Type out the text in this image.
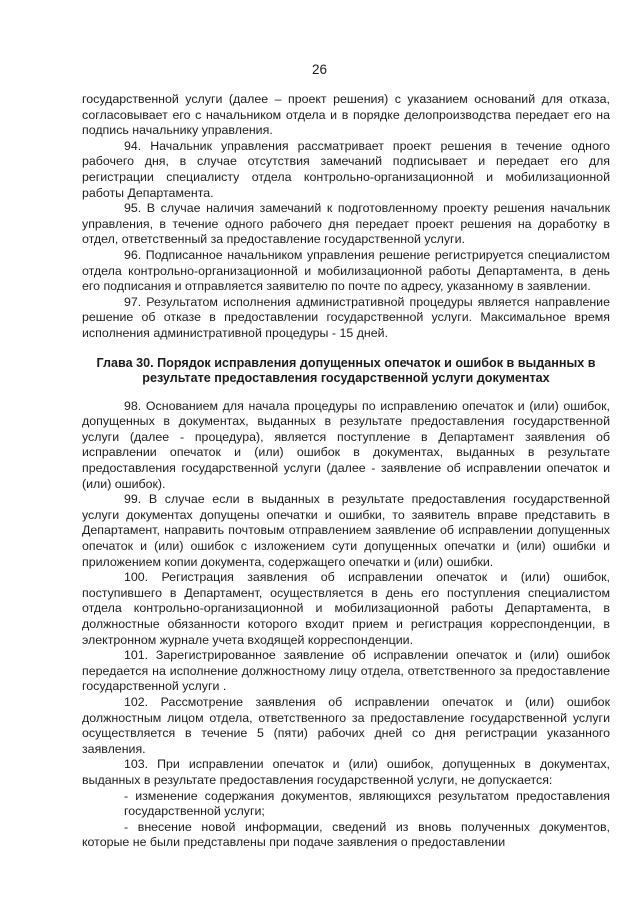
26

государственной услуги (далее – проект решения) с указанием оснований для отказа, согласовывает его с начальником отдела и в порядке делопроизводства передает его на подпись начальнику управления.

94. Начальник управления рассматривает проект решения в течение одного рабочего дня, в случае отсутствия замечаний подписывает и передает его для регистрации специалисту отдела контрольно-организационной и мобилизационной работы Департамента.

95. В случае наличия замечаний к подготовленному проекту решения начальник управления, в течение одного рабочего дня передает проект решения на доработку в отдел, ответственный за предоставление государственной услуги.

96. Подписанное начальником управления решение регистрируется специалистом отдела контрольно-организационной и мобилизационной работы Департамента, в день его подписания и отправляется заявителю по почте по адресу, указанному в заявлении.

97. Результатом исполнения административной процедуры является направление решение об отказе в предоставлении государственной услуги. Максимальное время исполнения административной процедуры - 15 дней.

Глава 30. Порядок исправления допущенных опечаток и ошибок в выданных в результате предоставления государственной услуги документах

98. Основанием для начала процедуры по исправлению опечаток и (или) ошибок, допущенных в документах, выданных в результате предоставления государственной услуги (далее - процедура), является поступление в Департамент заявления об исправлении опечаток и (или) ошибок в документах, выданных в результате предоставления государственной услуги (далее - заявление об исправлении опечаток и (или) ошибок).

99. В случае если в выданных в результате предоставления государственной услуги документах допущены опечатки и ошибки, то заявитель вправе представить в Департамент, направить почтовым отправлением заявление об исправлении допущенных опечаток и (или) ошибок с изложением сути допущенных опечатки и (или) ошибки и приложением копии документа, содержащего опечатки и (или) ошибки.

100. Регистрация заявления об исправлении опечаток и (или) ошибок, поступившего в Департамент, осуществляется в день его поступления специалистом отдела контрольно-организационной и мобилизационной работы Департамента, в должностные обязанности которого входит прием и регистрация корреспонденции, в электронном журнале учета входящей корреспонденции.

101. Зарегистрированное заявление об исправлении опечаток и (или) ошибок передается на исполнение должностному лицу отдела, ответственного за предоставление государственной услуги .

102. Рассмотрение заявления об исправлении опечаток и (или) ошибок должностным лицом отдела, ответственного за предоставление государственной услуги осуществляется в течение 5 (пяти) рабочих дней со дня регистрации указанного заявления.

103. При исправлении опечаток и (или) ошибок, допущенных в документах, выданных в результате предоставления государственной услуги, не допускается:

- изменение содержания документов, являющихся результатом предоставления государственной услуги;

- внесение новой информации, сведений из вновь полученных документов, которые не были представлены при подаче заявления о предоставлении
